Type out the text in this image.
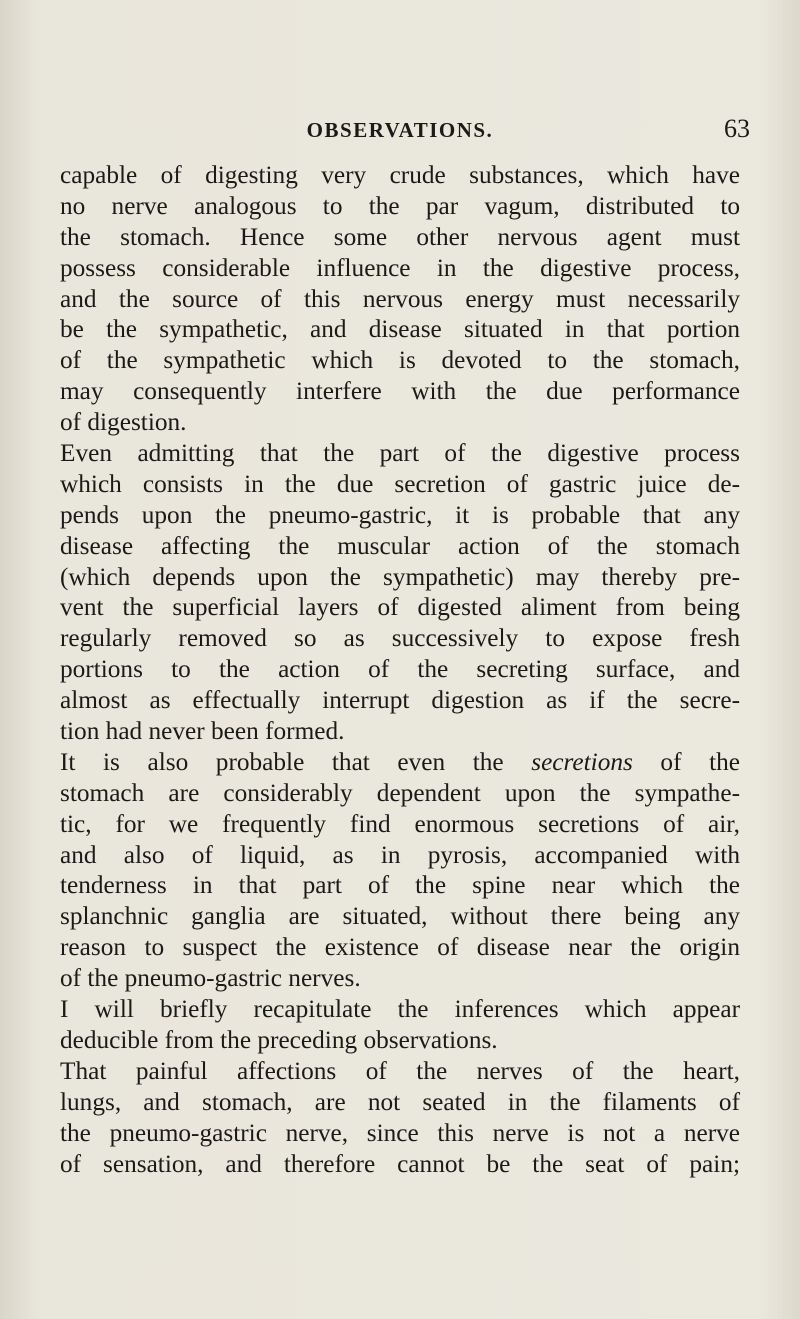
OBSERVATIONS.	63
capable of digesting very crude substances, which have
no nerve analogous to the par vagum, distributed to
the stomach. Hence some other nervous agent must
possess considerable influence in the digestive process,
and the source of this nervous energy must necessarily
be the sympathetic, and disease situated in that portion
of the sympathetic which is devoted to the stomach,
may consequently interfere with the due performance
of digestion.
Even admitting that the part of the digestive process
which consists in the due secretion of gastric juice de-
pends upon the pneumo-gastric, it is probable that any
disease affecting the muscular action of the stomach
(which depends upon the sympathetic) may thereby pre-
vent the superficial layers of digested aliment from being
regularly removed so as successively to expose fresh
portions to the action of the secreting surface, and
almost as effectually interrupt digestion as if the secre-
tion had never been formed.
It is also probable that even the secretions of the
stomach are considerably dependent upon the sympathe-
tic, for we frequently find enormous secretions of air,
and also of liquid, as in pyrosis, accompanied with
tenderness in that part of the spine near which the
splanchnic ganglia are situated, without there being any
reason to suspect the existence of disease near the origin
of the pneumo-gastric nerves.
I will briefly recapitulate the inferences which appear
deducible from the preceding observations.
That painful affections of the nerves of the heart,
lungs, and stomach, are not seated in the filaments of
the pneumo-gastric nerve, since this nerve is not a nerve
of sensation, and therefore cannot be the seat of pain;
